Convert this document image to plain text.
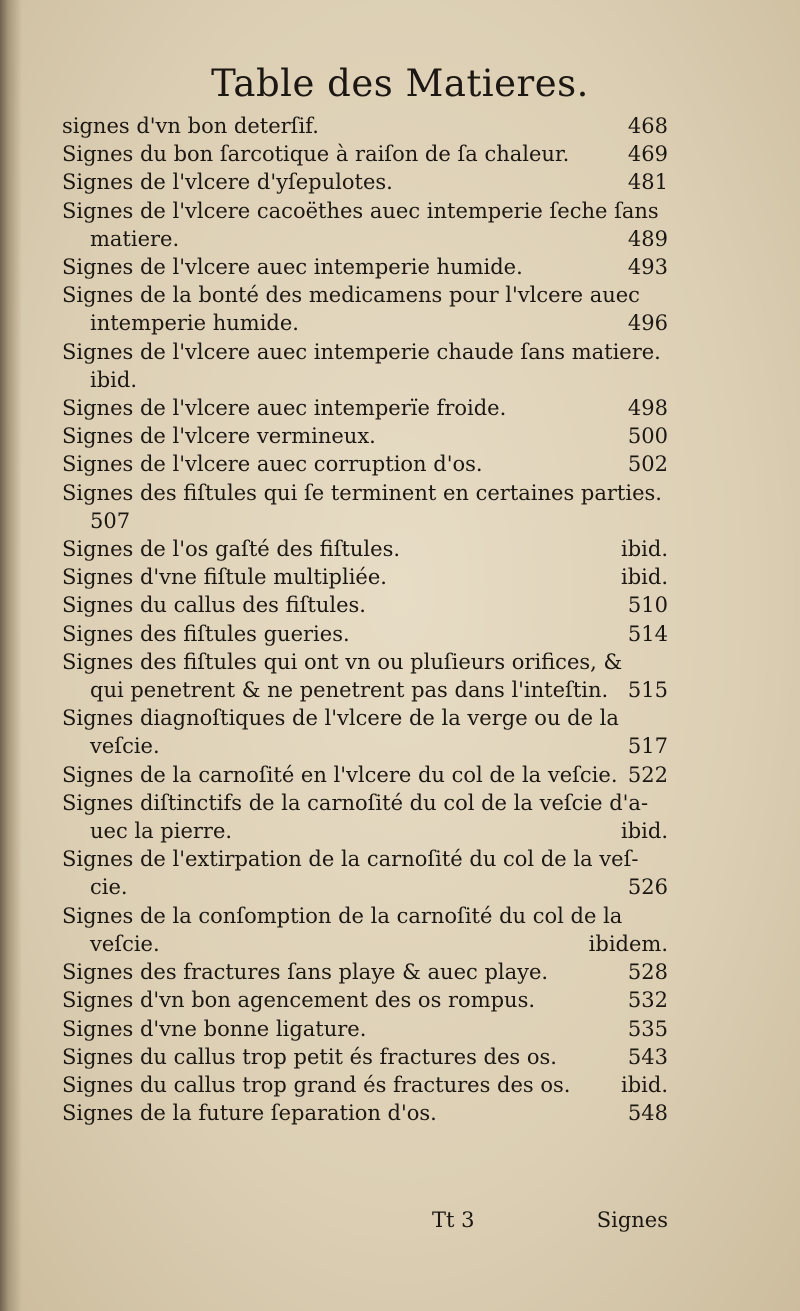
Table des Matieres.
signes d'vn bon deterſif.	468
Signes du bon ſarcotique à raiſon de ſa chaleur.	469
Signes de l'vlcere d'yſepulotes.	481
Signes de l'vlcere cacoëthes auec intemperie ſeche ſans
matiere.	489
Signes de l'vlcere auec intemperie humide.	493
Signes de la bonté des medicamens pour l'vlcere auec
intemperie humide.	496
Signes de l'vlcere auec intemperie chaude ſans matiere.
ibid.
Signes de l'vlcere auec intemperïe froide.	498
Signes de l'vlcere vermineux.	500
Signes de l'vlcere auec corruption d'os.	502
Signes des fiſtules qui ſe terminent en certaines parties.
507
Signes de l'os gaſté des fiſtules.	ibid.
Signes d'vne fiſtule multipliée.	ibid.
Signes du callus des fiſtules.	510
Signes des fiſtules gueries.	514
Signes des fiſtules qui ont vn ou pluſieurs orifices, &
qui penetrent & ne penetrent pas dans l'inteſtin. 515
Signes diagnoſtiques de l'vlcere de la verge ou de la
veſcie.	517
Signes de la carnoſité en l'vlcere du col de la veſcie. 522
Signes diſtinctifs de la carnoſité du col de la veſcie d'a-
uec la pierre.	ibid.
Signes de l'extirpation de la carnoſité du col de la veſ-
cie.	526
Signes de la conſomption de la carnoſité du col de la
veſcie.	ibidem.
Signes des fractures ſans playe & auec playe.	528
Signes d'vn bon agencement des os rompus.	532
Signes d'vne bonne ligature.	535
Signes du callus trop petit és fractures des os.	543
Signes du callus trop grand és fractures des os.	ibid.
Signes de la future ſeparation d'os.	548
Tt 3	Signes
